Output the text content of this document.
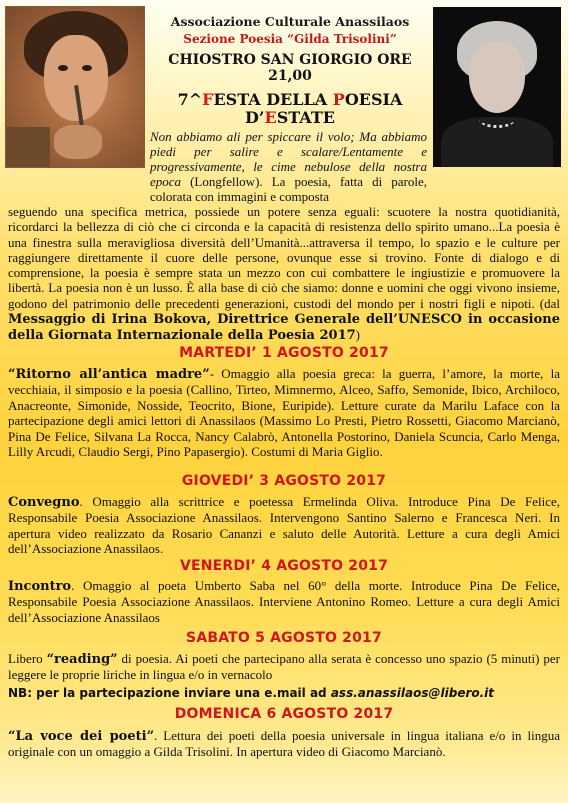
Associazione Culturale Anassilaos

Sezione Poesia “Gilda Trisolini”

CHIOSTRO SAN GIORGIO ORE
21,00

7^FESTA DELLA POESIA
D’ESTATE

Non abbiamo ali per spiccare il volo; Ma abbiamo piedi per salire e scalare/Lentamente e progressivamente, le cime nebulose della nostra epoca (Longfellow). La poesia, fatta di parole, colorata con immagini e composta

seguendo una specifica metrica, possiede un potere senza eguali: scuotere la nostra quotidianità, ricordarci la bellezza di ciò che ci circonda e la capacità di resistenza dello spirito umano...La poesia è una finestra sulla meravigliosa diversità dell’Umanità...attraversa il tempo, lo spazio e le culture per raggiungere direttamente il cuore delle persone, ovunque esse si trovino. Fonte di dialogo e di comprensione, la poesia è sempre stata un mezzo con cui combattere le ingiustizie e promuovere la libertà. La poesia non è un lusso. È alla base di ciò che siamo: donne e uomini che oggi vivono insieme, godono del patrimonio delle precedenti generazioni, custodi del mondo per i nostri figli e nipoti. (dal Messaggio di Irina Bokova, Direttrice Generale dell’UNESCO in occasione della Giornata Internazionale della Poesia 2017)

MARTEDI’ 1 AGOSTO 2017

“Ritorno all’antica madre”- Omaggio alla poesia greca: la guerra, l’amore, la morte, la vecchiaia, il simposio e la poesia (Callino, Tirteo, Mimnermo, Alceo, Saffo, Semonide, Ibico, Archiloco, Anacreonte, Simonide, Nosside, Teocrito, Bione, Euripide). Letture curate da Marilu Laface con la partecipazione degli amici lettori di Anassilaos (Massimo Lo Presti, Pietro Rossetti, Giacomo Marcianò, Pina De Felice, Silvana La Rocca, Nancy Calabrò, Antonella Postorino, Daniela Scuncia, Carlo Menga, Lilly Arcudi, Claudio Sergi, Pino Papasergio). Costumi di Maria Giglio.

GIOVEDI’ 3 AGOSTO 2017

Convegno. Omaggio alla scrittrice e poetessa Ermelinda Oliva. Introduce Pina De Felice, Responsabile Poesia Associazione Anassilaos. Intervengono Santino Salerno e Francesca Neri. In apertura video realizzato da Rosario Cananzi e saluto delle Autorità. Letture a cura degli Amici dell’Associazione Anassilaos.

VENERDI’ 4 AGOSTO 2017

Incontro. Omaggio al poeta Umberto Saba nel 60° della morte. Introduce Pina De Felice, Responsabile Poesia Associazione Anassilaos. Interviene Antonino Romeo. Letture a cura degli Amici dell’Associazione Anassilaos

SABATO 5 AGOSTO 2017

Libero “reading” di poesia. Ai poeti che partecipano alla serata è concesso uno spazio (5 minuti) per leggere le proprie liriche in lingua e/o in vernacolo

NB: per la partecipazione inviare una e.mail ad ass.anassilaos@libero.it

DOMENICA 6 AGOSTO 2017

“La voce dei poeti”. Lettura dei poeti della poesia universale in lingua italiana e/o in lingua originale con un omaggio a Gilda Trisolini. In apertura video di Giacomo Marcianò.
